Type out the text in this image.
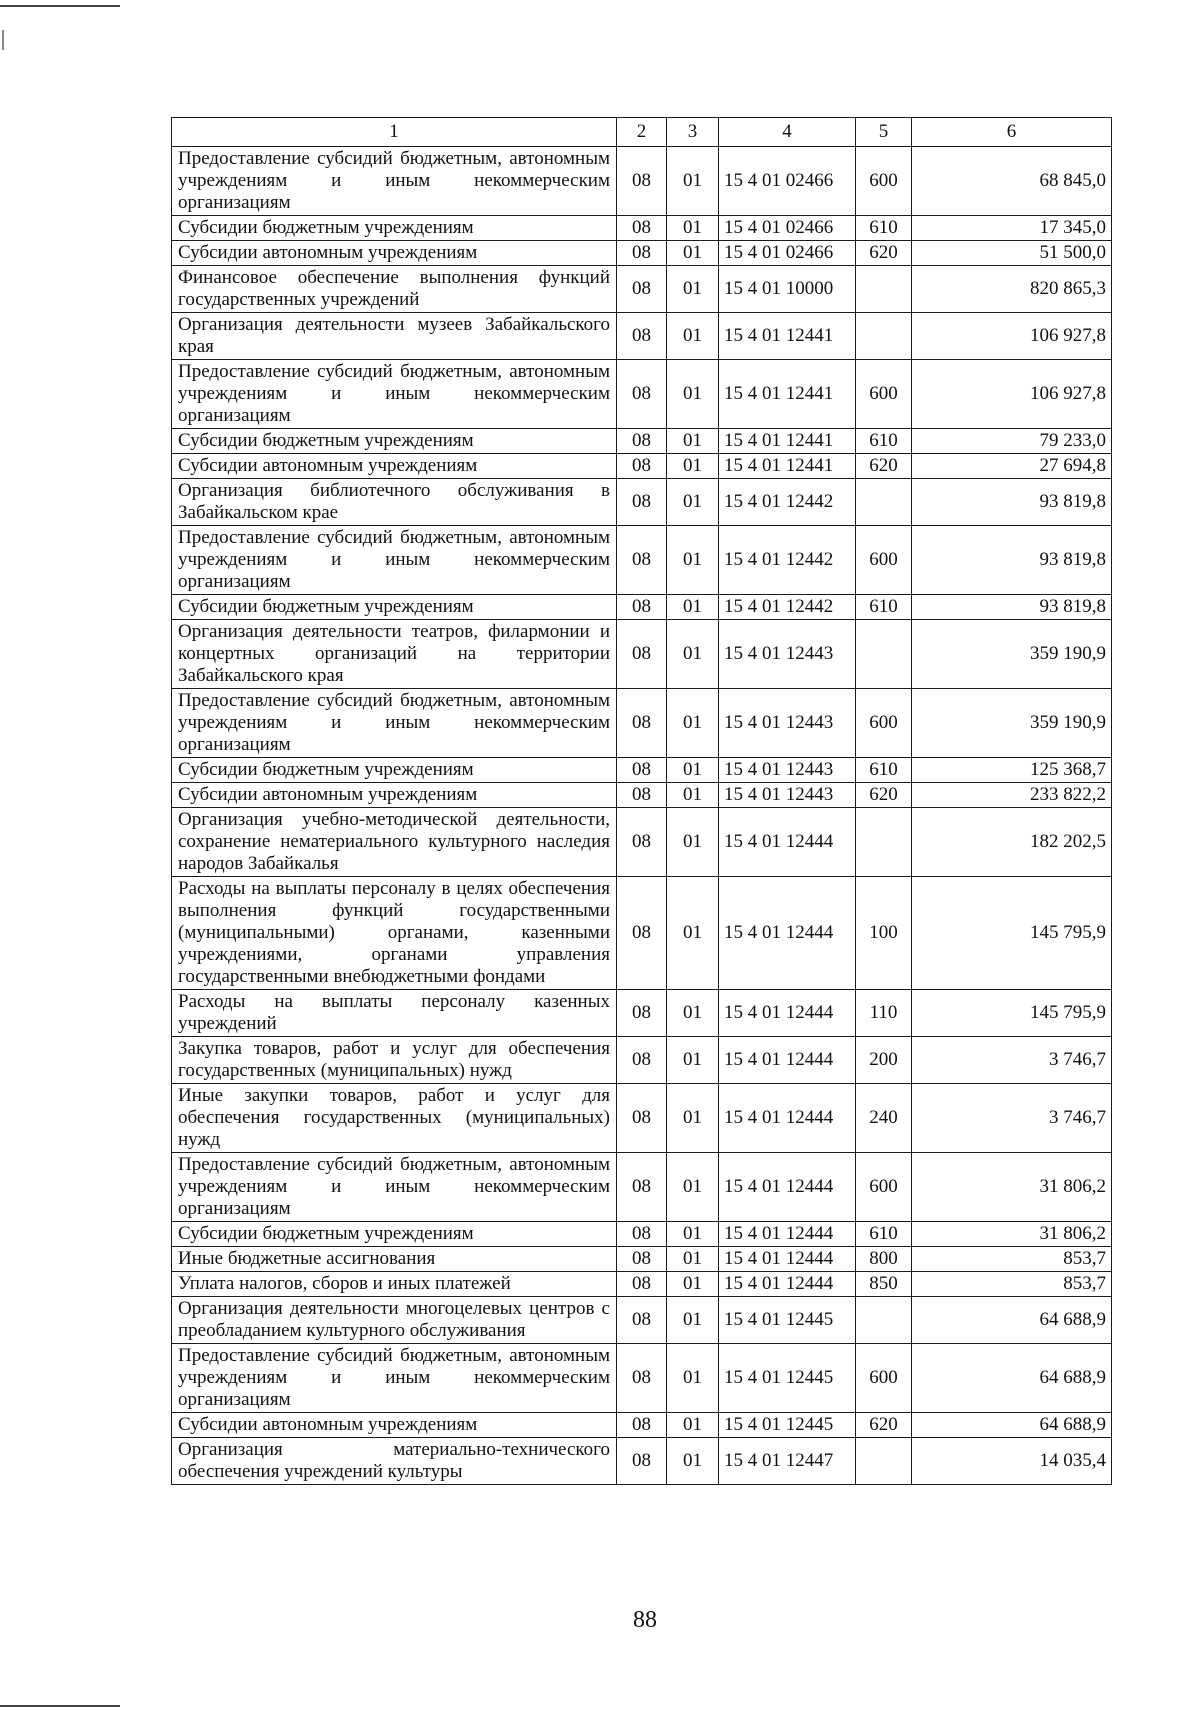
1	2	3	4	5	6
Предоставление субсидий бюджетным, автономным учреждениям и иным некоммерческим организациям	08	01	15 4 01 02466	600	68 845,0
Субсидии бюджетным учреждениям	08	01	15 4 01 02466	610	17 345,0
Субсидии автономным учреждениям	08	01	15 4 01 02466	620	51 500,0
Финансовое обеспечение выполнения функций государственных учреждений	08	01	15 4 01 10000		820 865,3
Организация деятельности музеев Забайкальского края	08	01	15 4 01 12441		106 927,8
Предоставление субсидий бюджетным, автономным учреждениям и иным некоммерческим организациям	08	01	15 4 01 12441	600	106 927,8
Субсидии бюджетным учреждениям	08	01	15 4 01 12441	610	79 233,0
Субсидии автономным учреждениям	08	01	15 4 01 12441	620	27 694,8
Организация библиотечного обслуживания в Забайкальском крае	08	01	15 4 01 12442		93 819,8
Предоставление субсидий бюджетным, автономным учреждениям и иным некоммерческим организациям	08	01	15 4 01 12442	600	93 819,8
Субсидии бюджетным учреждениям	08	01	15 4 01 12442	610	93 819,8
Организация деятельности театров, филармонии и концертных организаций на территории Забайкальского края	08	01	15 4 01 12443		359 190,9
Предоставление субсидий бюджетным, автономным учреждениям и иным некоммерческим организациям	08	01	15 4 01 12443	600	359 190,9
Субсидии бюджетным учреждениям	08	01	15 4 01 12443	610	125 368,7
Субсидии автономным учреждениям	08	01	15 4 01 12443	620	233 822,2
Организация учебно-методической деятельности, сохранение нематериального культурного наследия народов Забайкалья	08	01	15 4 01 12444		182 202,5
Расходы на выплаты персоналу в целях обеспечения выполнения функций государственными (муниципальными) органами, казенными учреждениями, органами управления государственными внебюджетными фондами	08	01	15 4 01 12444	100	145 795,9
Расходы на выплаты персоналу казенных учреждений	08	01	15 4 01 12444	110	145 795,9
Закупка товаров, работ и услуг для обеспечения государственных (муниципальных) нужд	08	01	15 4 01 12444	200	3 746,7
Иные закупки товаров, работ и услуг для обеспечения государственных (муниципальных) нужд	08	01	15 4 01 12444	240	3 746,7
Предоставление субсидий бюджетным, автономным учреждениям и иным некоммерческим организациям	08	01	15 4 01 12444	600	31 806,2
Субсидии бюджетным учреждениям	08	01	15 4 01 12444	610	31 806,2
Иные бюджетные ассигнования	08	01	15 4 01 12444	800	853,7
Уплата налогов, сборов и иных платежей	08	01	15 4 01 12444	850	853,7
Организация деятельности многоцелевых центров с преобладанием культурного обслуживания	08	01	15 4 01 12445		64 688,9
Предоставление субсидий бюджетным, автономным учреждениям и иным некоммерческим организациям	08	01	15 4 01 12445	600	64 688,9
Субсидии автономным учреждениям	08	01	15 4 01 12445	620	64 688,9
Организация материально-технического обеспечения учреждений культуры	08	01	15 4 01 12447		14 035,4
88
